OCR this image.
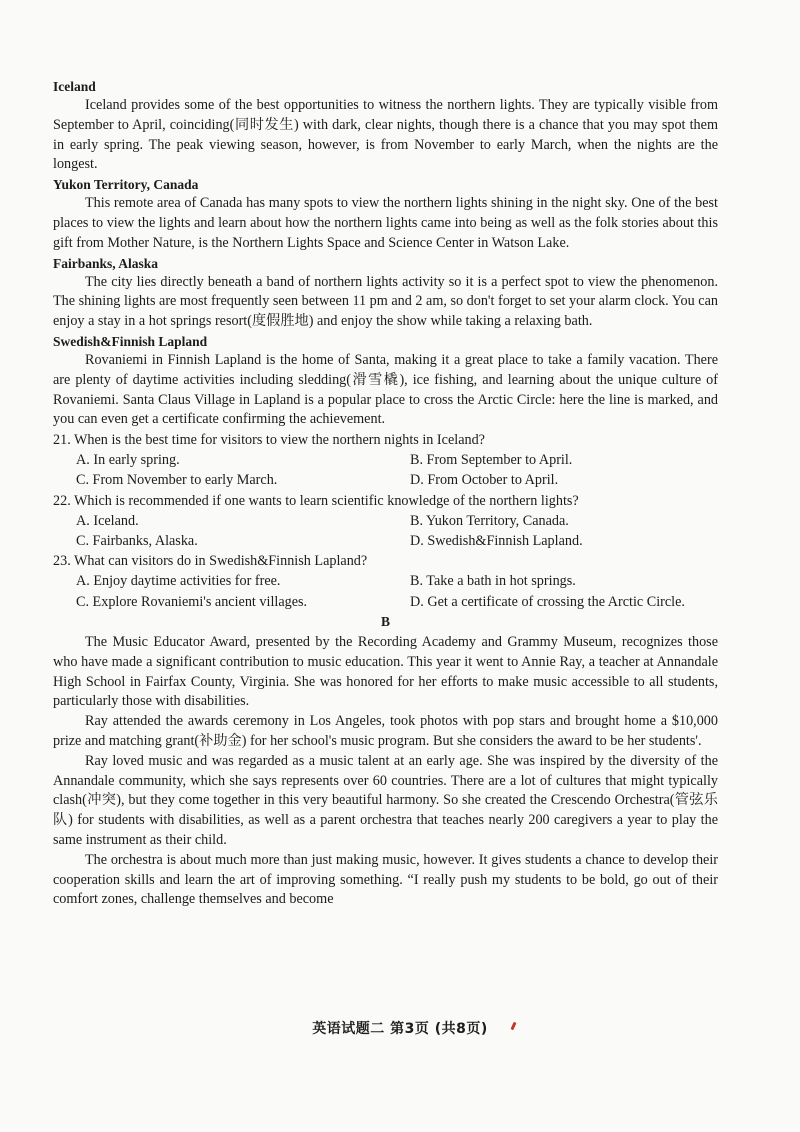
Iceland

Iceland provides some of the best opportunities to witness the northern lights. They are typically visible from September to April, coinciding(同时发生) with dark, clear nights, though there is a chance that you may spot them in early spring. The peak viewing season, however, is from November to early March, when the nights are the longest.

Yukon Territory, Canada

This remote area of Canada has many spots to view the northern lights shining in the night sky. One of the best places to view the lights and learn about how the northern lights came into being as well as the folk stories about this gift from Mother Nature, is the Northern Lights Space and Science Center in Watson Lake.

Fairbanks, Alaska

The city lies directly beneath a band of northern lights activity so it is a perfect spot to view the phenomenon. The shining lights are most frequently seen between 11 pm and 2 am, so don't forget to set your alarm clock. You can enjoy a stay in a hot springs resort(度假胜地) and enjoy the show while taking a relaxing bath.

Swedish&Finnish Lapland

Rovaniemi in Finnish Lapland is the home of Santa, making it a great place to take a family vacation. There are plenty of daytime activities including sledding(滑雪橇), ice fishing, and learning about the unique culture of Rovaniemi. Santa Claus Village in Lapland is a popular place to cross the Arctic Circle: here the line is marked, and you can even get a certificate confirming the achievement.

21. When is the best time for visitors to view the northern nights in Iceland?

A. In early spring.	B. From September to April.
C. From November to early March.	D. From October to April.

22. Which is recommended if one wants to learn scientific knowledge of the northern lights?

A. Iceland.	B. Yukon Territory, Canada.
C. Fairbanks, Alaska.	D. Swedish&Finnish Lapland.

23. What can visitors do in Swedish&Finnish Lapland?

A. Enjoy daytime activities for free.	B. Take a bath in hot springs.
C. Explore Rovaniemi's ancient villages.	D. Get a certificate of crossing the Arctic Circle.

B

The Music Educator Award, presented by the Recording Academy and Grammy Museum, recognizes those who have made a significant contribution to music education. This year it went to Annie Ray, a teacher at Annandale High School in Fairfax County, Virginia. She was honored for her efforts to make music accessible to all students, particularly those with disabilities.

Ray attended the awards ceremony in Los Angeles, took photos with pop stars and brought home a $10,000 prize and matching grant(补助金) for her school's music program. But she considers the award to be her students'.

Ray loved music and was regarded as a music talent at an early age. She was inspired by the diversity of the Annandale community, which she says represents over 60 countries. There are a lot of cultures that might typically clash(冲突), but they come together in this very beautiful harmony. So she created the Crescendo Orchestra(管弦乐队) for students with disabilities, as well as a parent orchestra that teaches nearly 200 caregivers a year to play the same instrument as their child.

The orchestra is about much more than just making music, however. It gives students a chance to develop their cooperation skills and learn the art of improving something. “I really push my students to be bold, go out of their comfort zones, challenge themselves and become

英语试题二 第3页 (共8页)
